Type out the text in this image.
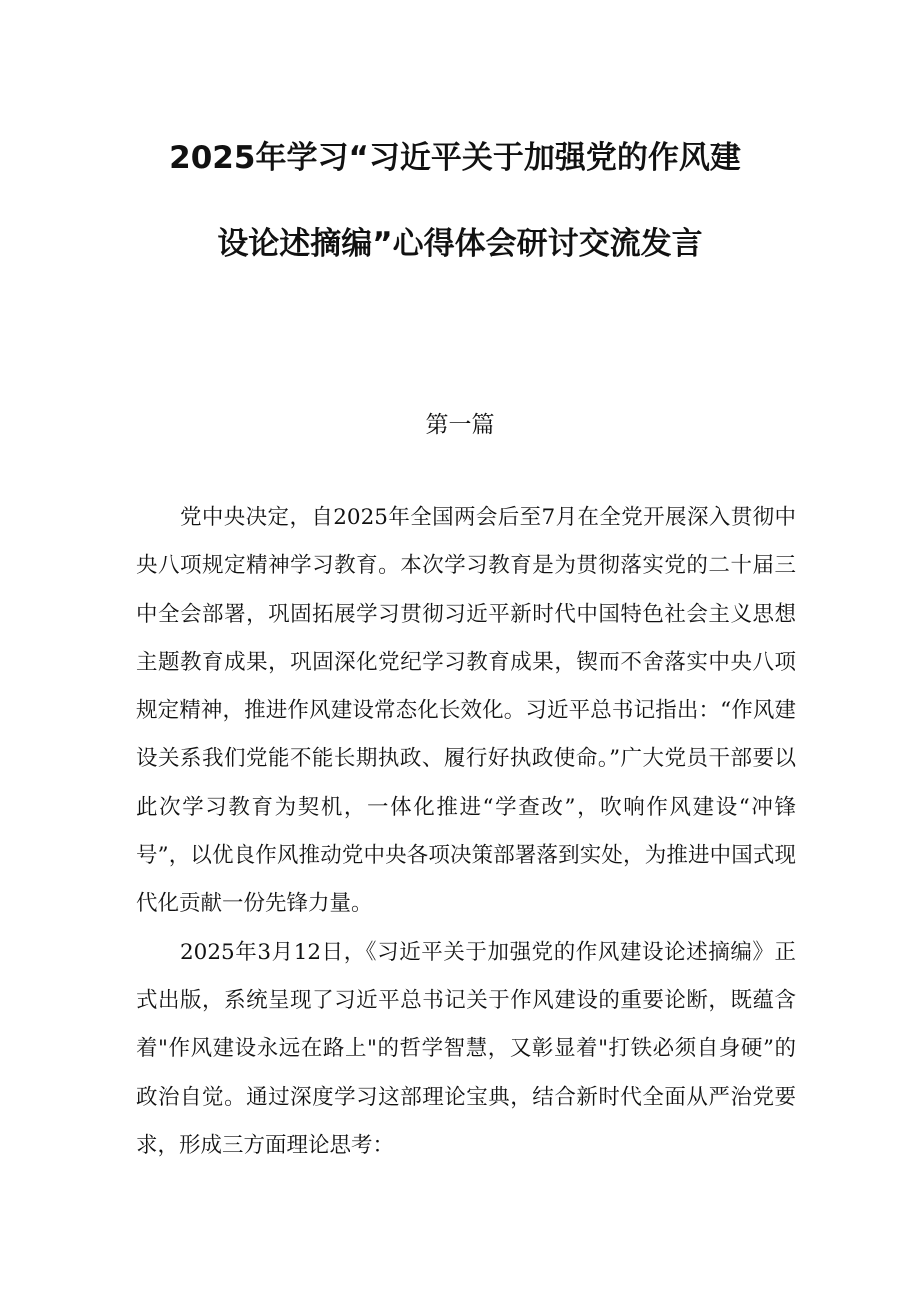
2025年学习“习近平关于加强党的作风建
设论述摘编”心得体会研讨交流发言
第一篇

党中央决定，自2025年全国两会后至7月在全党开展深入贯彻中央八项规定精神学习教育。本次学习教育是为贯彻落实党的二十届三中全会部署，巩固拓展学习贯彻习近平新时代中国特色社会主义思想主题教育成果，巩固深化党纪学习教育成果，锲而不舍落实中央八项规定精神，推进作风建设常态化长效化。习近平总书记指出：“作风建设关系我们党能不能长期执政、履行好执政使命。”广大党员干部要以此次学习教育为契机，一体化推进“学查改”，吹响作风建设“冲锋号”，以优良作风推动党中央各项决策部署落到实处，为推进中国式现代化贡献一份先锋力量。

2025年3月12日，《习近平关于加强党的作风建设论述摘编》正式出版，系统呈现了习近平总书记关于作风建设的重要论断，既蕴含着"作风建设永远在路上"的哲学智慧，又彰显着"打铁必须自身硬”的政治自觉。通过深度学习这部理论宝典，结合新时代全面从严治党要求，形成三方面理论思考：
